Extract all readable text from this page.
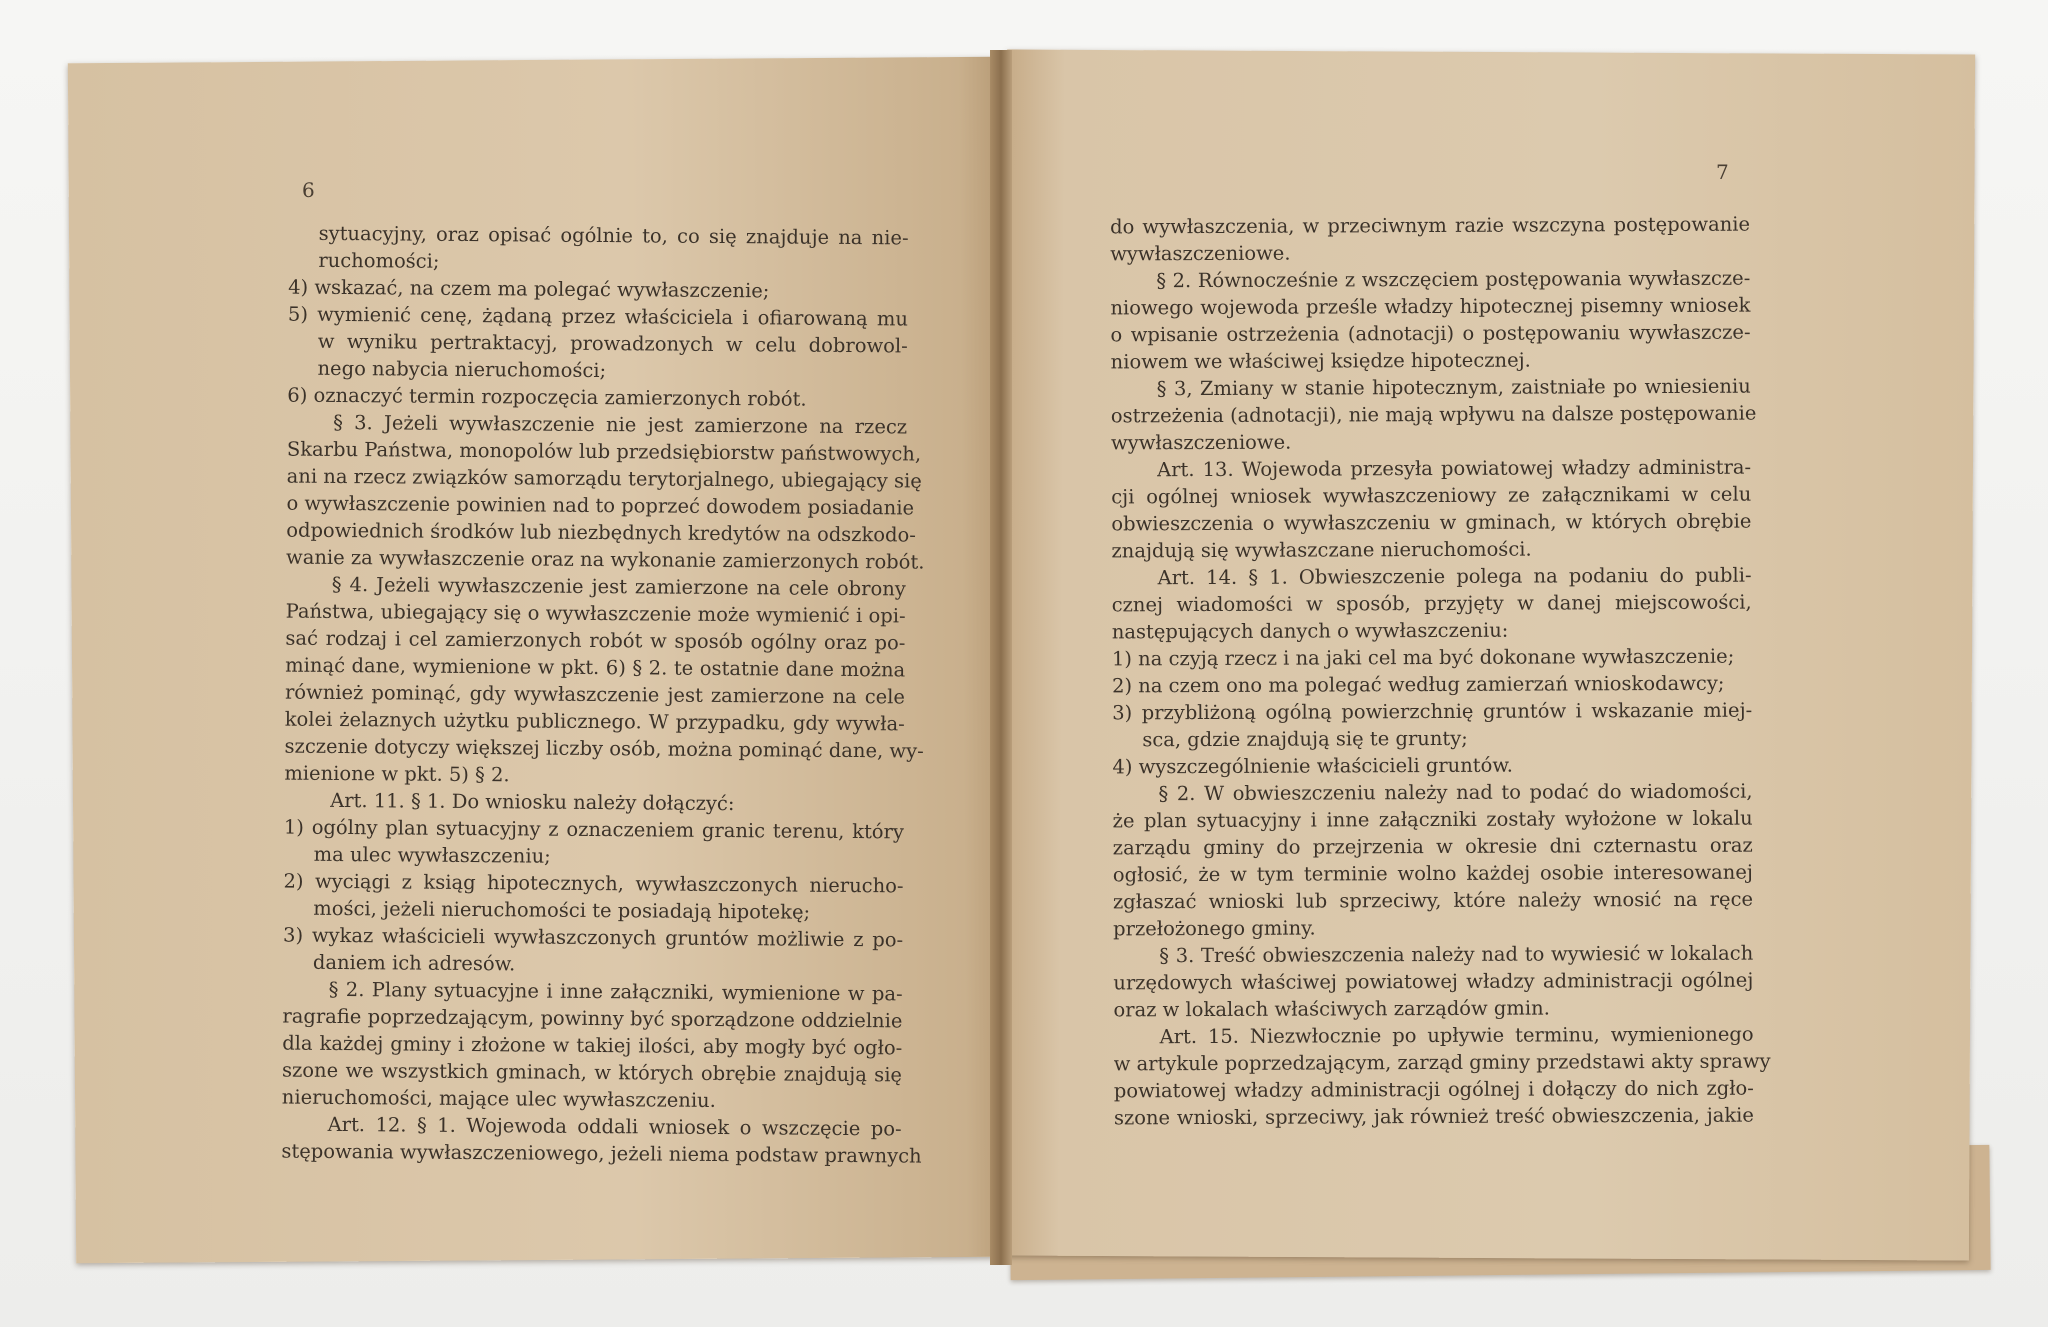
6
7
sytuacyjny, oraz opisać ogólnie to, co się znajduje na nie-
ruchomości;
4) wskazać, na czem ma polegać wywłaszczenie;
5) wymienić cenę, żądaną przez właściciela i ofiarowaną mu
w wyniku pertraktacyj, prowadzonych w celu dobrowol-
nego nabycia nieruchomości;
6) oznaczyć termin rozpoczęcia zamierzonych robót.
§ 3. Jeżeli wywłaszczenie nie jest zamierzone na rzecz
Skarbu Państwa, monopolów lub przedsiębiorstw państwowych,
ani na rzecz związków samorządu terytorjalnego, ubiegający się
o wywłaszczenie powinien nad to poprzeć dowodem posiadanie
odpowiednich środków lub niezbędnych kredytów na odszkodo-
wanie za wywłaszczenie oraz na wykonanie zamierzonych robót.
§ 4. Jeżeli wywłaszczenie jest zamierzone na cele obrony
Państwa, ubiegający się o wywłaszczenie może wymienić i opi-
sać rodzaj i cel zamierzonych robót w sposób ogólny oraz po-
minąć dane, wymienione w pkt. 6) § 2. te ostatnie dane można
również pominąć, gdy wywłaszczenie jest zamierzone na cele
kolei żelaznych użytku publicznego. W przypadku, gdy wywła-
szczenie dotyczy większej liczby osób, można pominąć dane, wy-
mienione w pkt. 5) § 2.
Art. 11. § 1. Do wniosku należy dołączyć:
1) ogólny plan sytuacyjny z oznaczeniem granic terenu, który
ma ulec wywłaszczeniu;
2) wyciągi z ksiąg hipotecznych, wywłaszczonych nierucho-
mości, jeżeli nieruchomości te posiadają hipotekę;
3) wykaz właścicieli wywłaszczonych gruntów możliwie z po-
daniem ich adresów.
§ 2. Plany sytuacyjne i inne załączniki, wymienione w pa-
ragrafie poprzedzającym, powinny być sporządzone oddzielnie
dla każdej gminy i złożone w takiej ilości, aby mogły być ogło-
szone we wszystkich gminach, w których obrębie znajdują się
nieruchomości, mające ulec wywłaszczeniu.
Art. 12. § 1. Wojewoda oddali wniosek o wszczęcie po-
stępowania wywłaszczeniowego, jeżeli niema podstaw prawnych
do wywłaszczenia, w przeciwnym razie wszczyna postępowanie
wywłaszczeniowe.
§ 2. Równocześnie z wszczęciem postępowania wywłaszcze-
niowego wojewoda prześle władzy hipotecznej pisemny wniosek
o wpisanie ostrzeżenia (adnotacji) o postępowaniu wywłaszcze-
niowem we właściwej księdze hipotecznej.
§ 3, Zmiany w stanie hipotecznym, zaistniałe po wniesieniu
ostrzeżenia (adnotacji), nie mają wpływu na dalsze postępowanie
wywłaszczeniowe.
Art. 13. Wojewoda przesyła powiatowej władzy administra-
cji ogólnej wniosek wywłaszczeniowy ze załącznikami w celu
obwieszczenia o wywłaszczeniu w gminach, w których obrębie
znajdują się wywłaszczane nieruchomości.
Art. 14. § 1. Obwieszczenie polega na podaniu do publi-
cznej wiadomości w sposób, przyjęty w danej miejscowości,
następujących danych o wywłaszczeniu:
1) na czyją rzecz i na jaki cel ma być dokonane wywłaszczenie;
2) na czem ono ma polegać według zamierzań wnioskodawcy;
3) przybliżoną ogólną powierzchnię gruntów i wskazanie miej-
sca, gdzie znajdują się te grunty;
4) wyszczególnienie właścicieli gruntów.
§ 2. W obwieszczeniu należy nad to podać do wiadomości,
że plan sytuacyjny i inne załączniki zostały wyłożone w lokalu
zarządu gminy do przejrzenia w okresie dni czternastu oraz
ogłosić, że w tym terminie wolno każdej osobie interesowanej
zgłaszać wnioski lub sprzeciwy, które należy wnosić na ręce
przełożonego gminy.
§ 3. Treść obwieszczenia należy nad to wywiesić w lokalach
urzędowych właściwej powiatowej władzy administracji ogólnej
oraz w lokalach właściwych zarządów gmin.
Art. 15. Niezwłocznie po upływie terminu, wymienionego
w artykule poprzedzającym, zarząd gminy przedstawi akty sprawy
powiatowej władzy administracji ogólnej i dołączy do nich zgło-
szone wnioski, sprzeciwy, jak również treść obwieszczenia, jakie
